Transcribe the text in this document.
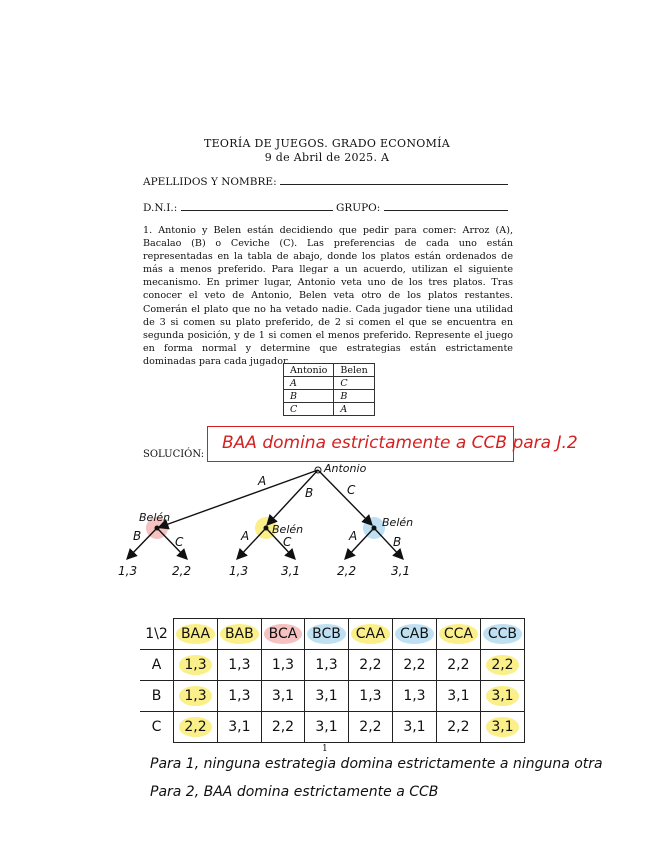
TEORÍA DE JUEGOS. GRADO ECONOMÍA
9 de Abril de 2025. A
APELLIDOS Y NOMBRE:
D.N.I.:	GRUPO:
1. Antonio y Belen están decidiendo que pedir para comer: Arroz (A), Bacalao (B) o Ceviche (C). Las preferencias de cada uno están representadas en la tabla de abajo, donde los platos están ordenados de más a menos preferido. Para llegar a un acuerdo, utilizan el siguiente mecanismo. En primer lugar, Antonio veta uno de los tres platos. Tras conocer el veto de Antonio, Belen veta otro de los platos restantes. Comerán el plato que no ha vetado nadie. Cada jugador tiene una utilidad de 3 si comen su plato preferido, de 2 si comen el que se encuentra en segunda posición, y de 1 si comen el menos preferido. Represente el juego en forma normal y determine que estrategias están estrictamente dominadas para cada jugador.
Antonio	Belen
A	C
B	B
C	A
SOLUCIÓN:
BAA domina estrictamente a CCB para J.2
Antonio
A
B	C
Belén
Belén
Belén
B	C	A	C	A	B
1,3	2,2	1,3	3,1	2,2	3,1
1\2	BAA	BAB	BCA	BCB	CAA	CAB	CCA	CCB
A	1,3	1,3	1,3	1,3	2,2	2,2	2,2	2,2
B	1,3	1,3	3,1	3,1	1,3	1,3	3,1	3,1
C	2,2	3,1	2,2	3,1	2,2	3,1	2,2	3,1
1
Para 1, ninguna estrategia domina estrictamente a ninguna otra
Para 2, BAA domina estrictamente a CCB
